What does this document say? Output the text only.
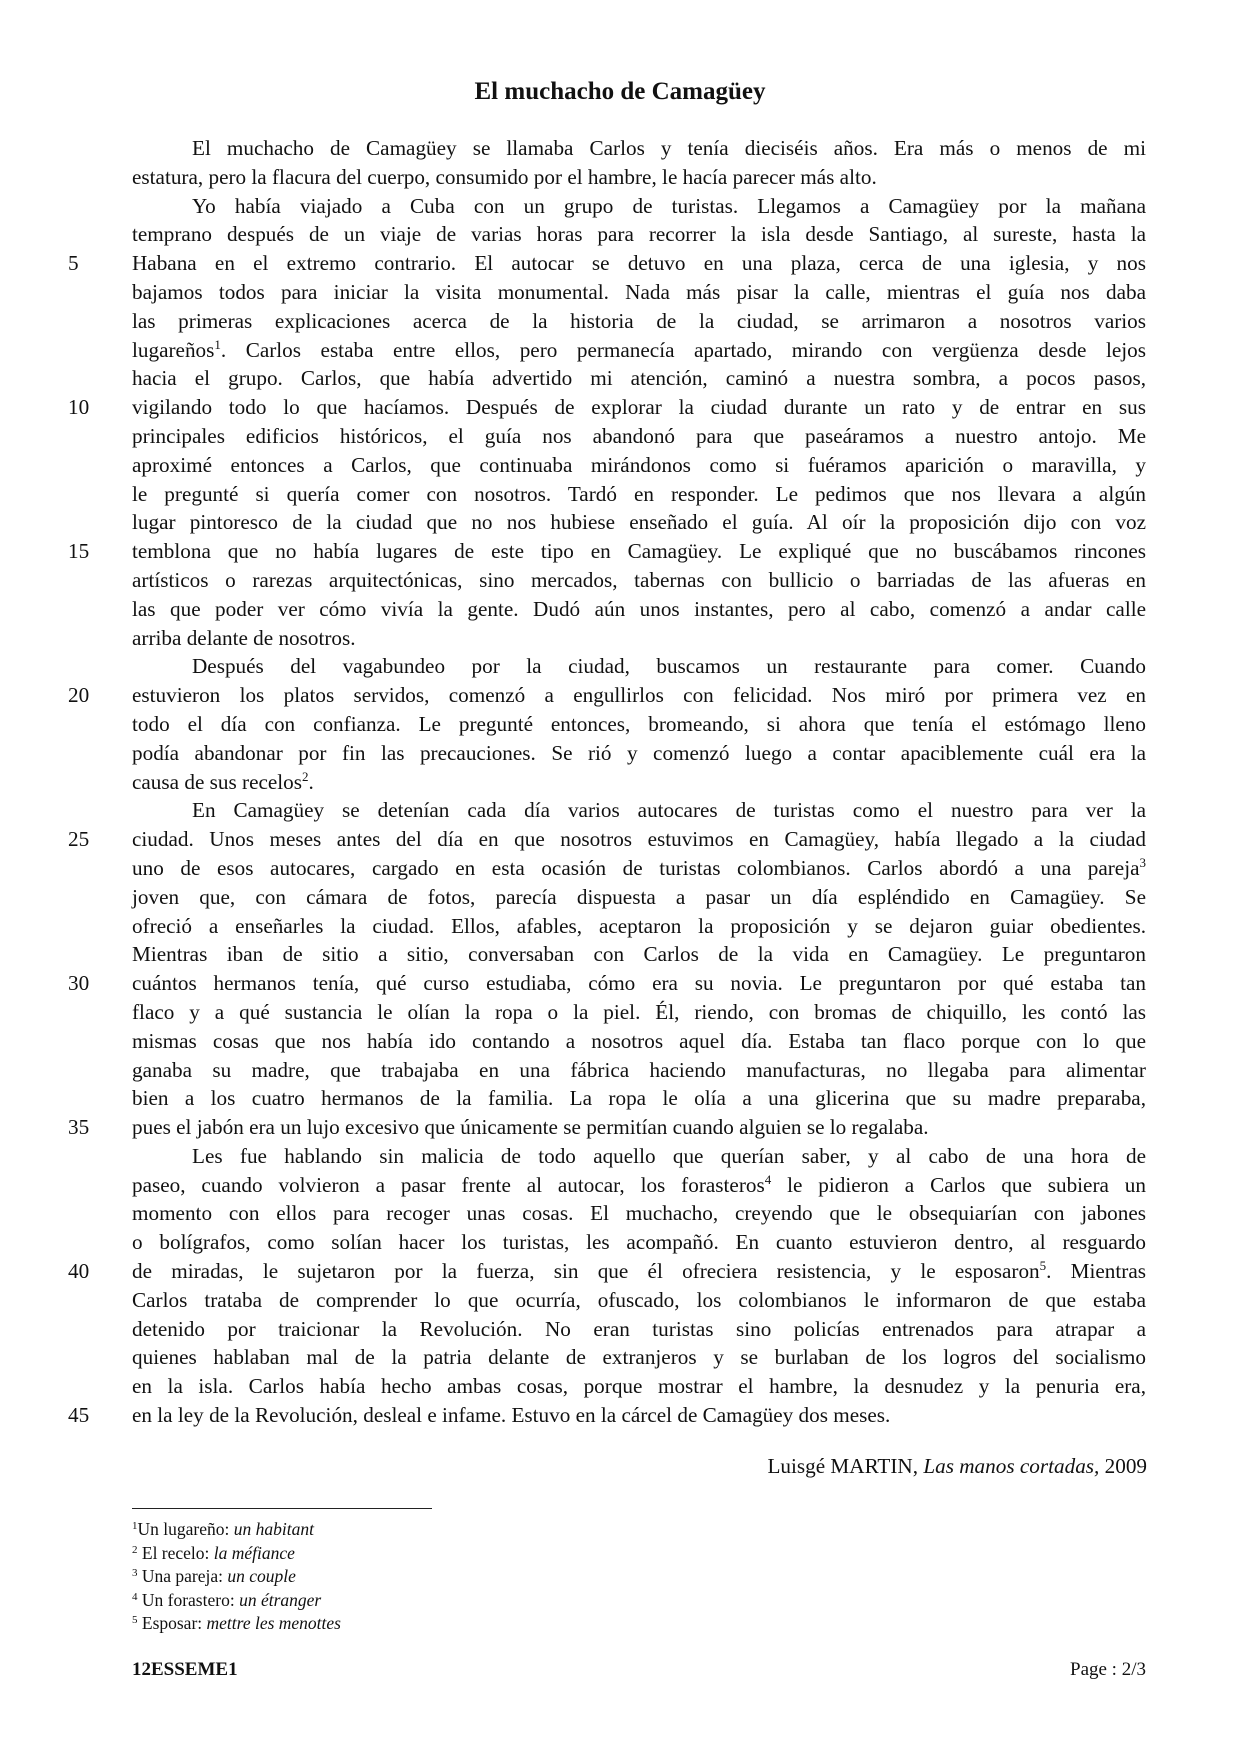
El muchacho de Camagüey
El muchacho de Camagüey se llamaba Carlos y tenía dieciséis años. Era más o menos de mi
estatura, pero la flacura del cuerpo, consumido por el hambre, le hacía parecer más alto.
Yo había viajado a Cuba con un grupo de turistas. Llegamos a Camagüey por la mañana
temprano después de un viaje de varias horas para recorrer la isla desde Santiago, al sureste, hasta la
5	Habana en el extremo contrario. El autocar se detuvo en una plaza, cerca de una iglesia, y nos
bajamos todos para iniciar la visita monumental. Nada más pisar la calle, mientras el guía nos daba
las primeras explicaciones acerca de la historia de la ciudad, se arrimaron a nosotros varios
lugareños$^1$. Carlos estaba entre ellos, pero permanecía apartado, mirando con vergüenza desde lejos
hacia el grupo. Carlos, que había advertido mi atención, caminó a nuestra sombra, a pocos pasos,
10	vigilando todo lo que hacíamos. Después de explorar la ciudad durante un rato y de entrar en sus
principales edificios históricos, el guía nos abandonó para que paseáramos a nuestro antojo. Me
aproximé entonces a Carlos, que continuaba mirándonos como si fuéramos aparición o maravilla, y
le pregunté si quería comer con nosotros. Tardó en responder. Le pedimos que nos llevara a algún
lugar pintoresco de la ciudad que no nos hubiese enseñado el guía. Al oír la proposición dijo con voz
15	temblona que no había lugares de este tipo en Camagüey. Le expliqué que no buscábamos rincones
artísticos o rarezas arquitectónicas, sino mercados, tabernas con bullicio o barriadas de las afueras en
las que poder ver cómo vivía la gente. Dudó aún unos instantes, pero al cabo, comenzó a andar calle
arriba delante de nosotros.
Después del vagabundeo por la ciudad, buscamos un restaurante para comer. Cuando
20	estuvieron los platos servidos, comenzó a engullirlos con felicidad. Nos miró por primera vez en
todo el día con confianza. Le pregunté entonces, bromeando, si ahora que tenía el estómago lleno
podía abandonar por fin las precauciones. Se rió y comenzó luego a contar apaciblemente cuál era la
causa de sus recelos$^2$.
En Camagüey se detenían cada día varios autocares de turistas como el nuestro para ver la
25	ciudad. Unos meses antes del día en que nosotros estuvimos en Camagüey, había llegado a la ciudad
uno de esos autocares, cargado en esta ocasión de turistas colombianos. Carlos abordó a una pareja$^3$
joven que, con cámara de fotos, parecía dispuesta a pasar un día espléndido en Camagüey. Se
ofreció a enseñarles la ciudad. Ellos, afables, aceptaron la proposición y se dejaron guiar obedientes.
Mientras iban de sitio a sitio, conversaban con Carlos de la vida en Camagüey. Le preguntaron
30	cuántos hermanos tenía, qué curso estudiaba, cómo era su novia. Le preguntaron por qué estaba tan
flaco y a qué sustancia le olían la ropa o la piel. Él, riendo, con bromas de chiquillo, les contó las
mismas cosas que nos había ido contando a nosotros aquel día. Estaba tan flaco porque con lo que
ganaba su madre, que trabajaba en una fábrica haciendo manufacturas, no llegaba para alimentar
bien a los cuatro hermanos de la familia. La ropa le olía a una glicerina que su madre preparaba,
35	pues el jabón era un lujo excesivo que únicamente se permitían cuando alguien se lo regalaba.
Les fue hablando sin malicia de todo aquello que querían saber, y al cabo de una hora de
paseo, cuando volvieron a pasar frente al autocar, los forasteros$^4$ le pidieron a Carlos que subiera un
momento con ellos para recoger unas cosas. El muchacho, creyendo que le obsequiarían con jabones
o bolígrafos, como solían hacer los turistas, les acompañó. En cuanto estuvieron dentro, al resguardo
40	de miradas, le sujetaron por la fuerza, sin que él ofreciera resistencia, y le esposaron$^5$. Mientras
Carlos trataba de comprender lo que ocurría, ofuscado, los colombianos le informaron de que estaba
detenido por traicionar la Revolución. No eran turistas sino policías entrenados para atrapar a
quienes hablaban mal de la patria delante de extranjeros y se burlaban de los logros del socialismo
en la isla. Carlos había hecho ambas cosas, porque mostrar el hambre, la desnudez y la penuria era,
45	en la ley de la Revolución, desleal e infame. Estuvo en la cárcel de Camagüey dos meses.
Luisgé MARTIN, Las manos cortadas, 2009
$^1$Un lugareño: un habitant
$^2$ El recelo: la méfiance
$^3$ Una pareja: un couple
$^4$ Un forastero: un étranger
$^5$ Esposar: mettre les menottes
12ESSEME1	Page : 2/3
